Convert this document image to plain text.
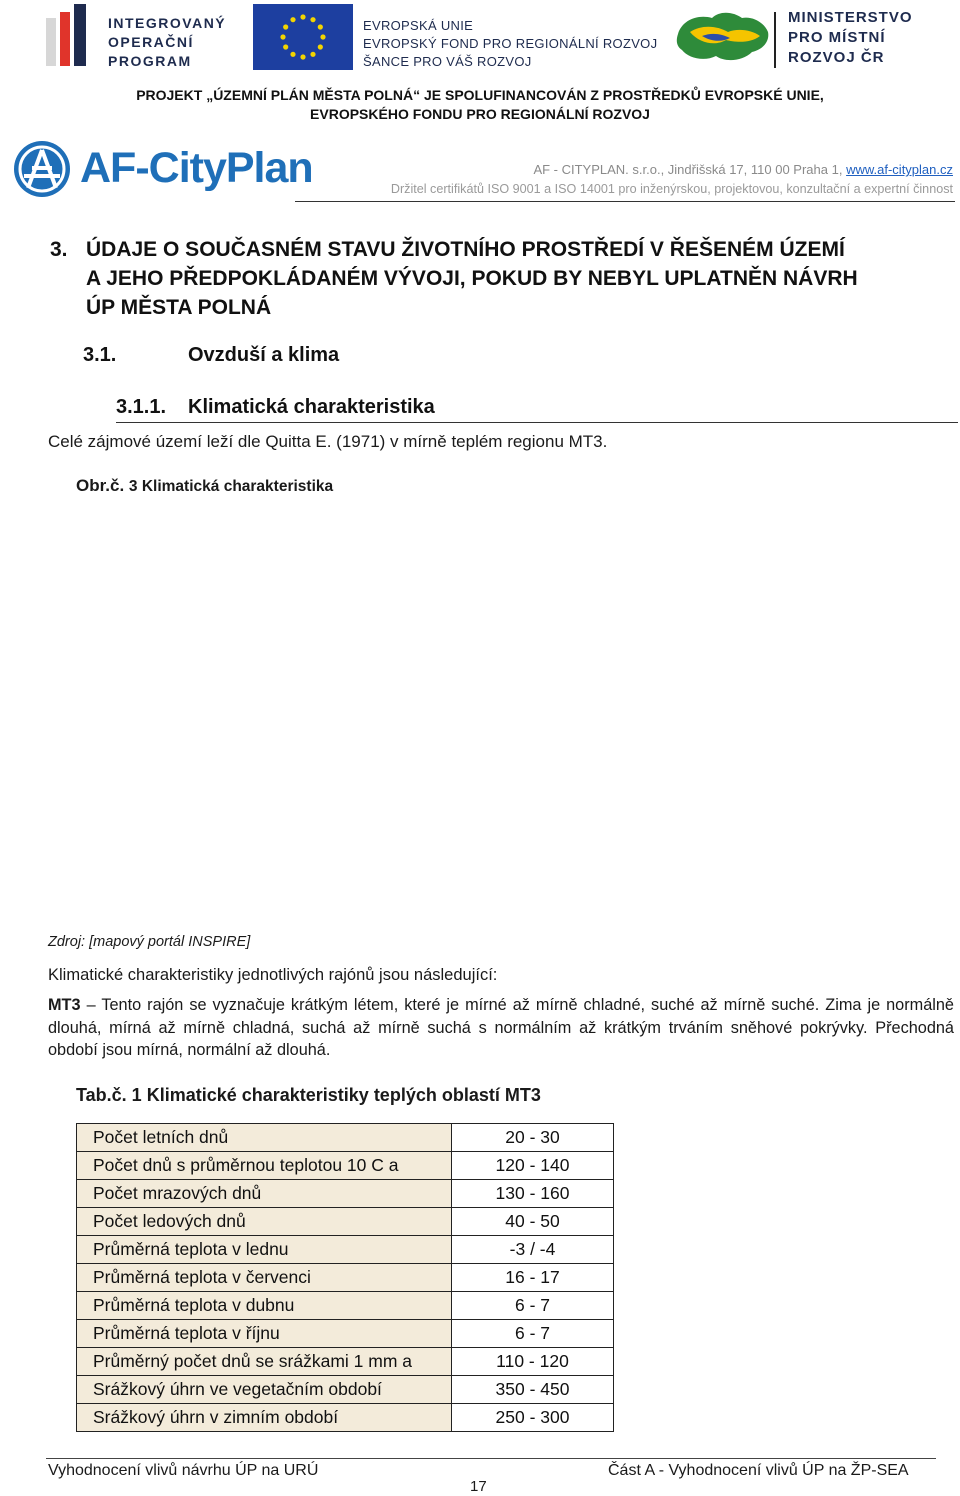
INTEGROVANÝ
OPERAČNÍ
PROGRAM
EVROPSKÁ UNIE
EVROPSKÝ FOND PRO REGIONÁLNÍ ROZVOJ
ŠANCE PRO VÁŠ ROZVOJ
MINISTERSTVO
PRO MÍSTNÍ
ROZVOJ ČR
PROJEKT „ÚZEMNÍ PLÁN MĚSTA POLNÁ“ JE SPOLUFINANCOVÁN Z PROSTŘEDKŮ EVROPSKÉ UNIE,
EVROPSKÉHO FONDU PRO REGIONÁLNÍ ROZVOJ
AF-CityPlan	AF - CITYPLAN. s.r.o., Jindřišská 17, 110 00 Praha 1, www.af-cityplan.cz
Držitel certifikátů ISO 9001 a ISO 14001 pro inženýrskou, projektovou, konzultační a expertní činnost
3. ÚDAJE O SOUČASNÉM STAVU ŽIVOTNÍHO PROSTŘEDÍ V ŘEŠENÉM ÚZEMÍ
A JEHO PŘEDPOKLÁDANÉM VÝVOJI, POKUD BY NEBYL UPLATNĚN NÁVRH
ÚP MĚSTA POLNÁ
3.1.	Ovzduší a klima
3.1.1. Klimatická charakteristika
Celé zájmové území leží dle Quitta E. (1971) v mírně teplém regionu MT3.
Obr.č. 3 Klimatická charakteristika
Zdroj: [mapový portál INSPIRE]
Klimatické charakteristiky jednotlivých rajónů jsou následující:
MT3 – Tento rajón se vyznačuje krátkým létem, které je mírné až mírně chladné, suché až mírně suché. Zima je normálně dlouhá, mírná až mírně chladná, suchá až mírně suchá s normálním až krátkým trváním sněhové pokrývky. Přechodná období jsou mírná, normální až dlouhá.
Tab.č. 1 Klimatické charakteristiky teplých oblastí MT3
Počet letních dnů	20 - 30
Počet dnů s průměrnou teplotou 10 C a	120 - 140
Počet mrazových dnů	130 - 160
Počet ledových dnů	40 - 50
Průměrná teplota v lednu	-3 / -4
Průměrná teplota v červenci	16 - 17
Průměrná teplota v dubnu	6 - 7
Průměrná teplota v říjnu	6 - 7
Průměrný počet dnů se srážkami 1 mm a	110 - 120
Srážkový úhrn ve vegetačním období	350 - 450
Srážkový úhrn v zimním období	250 - 300
Vyhodnocení vlivů návrhu ÚP na URÚ	Část A - Vyhodnocení vlivů ÚP na ŽP-SEA
17
